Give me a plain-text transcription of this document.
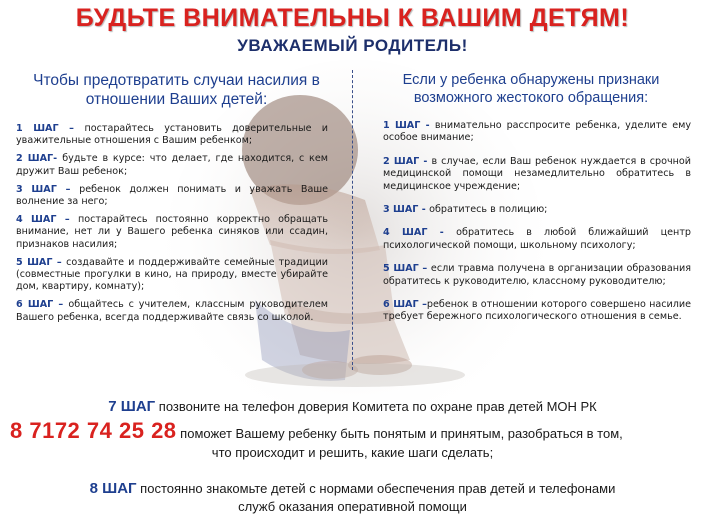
БУДЬТЕ ВНИМАТЕЛЬНЫ К ВАШИМ ДЕТЯМ!
УВАЖАЕМЫЙ РОДИТЕЛЬ!
Чтобы предотвратить случаи насилия в отношении Ваших детей:
Если у ребенка обнаружены признаки возможного жестокого обращения:

1 ШАГ – постарайтесь установить доверительные и уважительные отношения с Вашим ребенком;

2 ШАГ- будьте в курсе: что делает, где находится, с кем дружит Ваш ребенок;

3 ШАГ – ребенок должен понимать и уважать Ваше волнение за него;

4 ШАГ – постарайтесь постоянно корректно обращать внимание, нет ли у Вашего ребенка синяков или ссадин, признаков насилия;

5 ШАГ – создавайте и поддерживайте семейные традиции (совместные прогулки в кино, на природу, вместе убирайте дом, квартиру, комнату);

6 ШАГ – общайтесь с учителем, классным руководителем Вашего ребенка, всегда поддерживайте связь со школой.

1 ШАГ - внимательно расспросите ребенка, уделите ему особое внимание;

2 ШАГ - в случае, если Ваш ребенок нуждается в срочной медицинской помощи незамедлительно обратитесь в медицинское учреждение;

3 ШАГ - обратитесь в полицию;

4 ШАГ - обратитесь в любой ближайший центр психологической помощи, школьному психологу;

5 ШАГ – если травма получена в организации образования обратитесь к руководителю, классному руководителю;

6 ШАГ –ребенок в отношении которого совершено насилие требует бережного психологического отношения в семье.

7 ШАГ позвоните на телефон доверия Комитета по охране прав детей МОН РК
8 7172 74 25 28 поможет Вашему ребенку быть понятым и принятым, разобраться в том,
что происходит и решить, какие шаги сделать;
8 ШАГ постоянно знакомьте детей с нормами обеспечения прав детей и телефонами
служб оказания оперативной помощи
